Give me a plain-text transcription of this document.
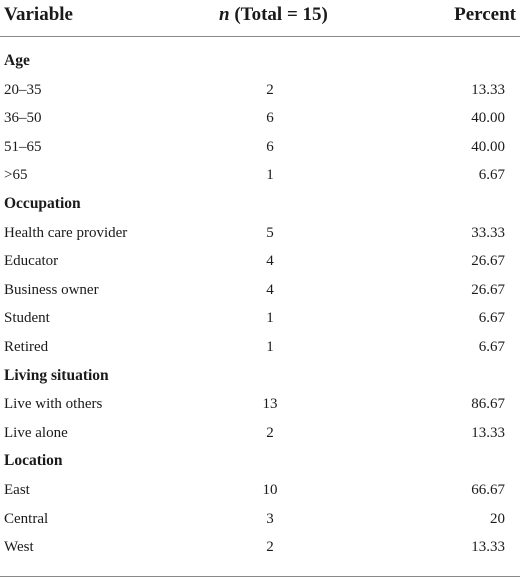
Variable	n (Total = 15)	Percent
Age
20–35	2	13.33
36–50	6	40.00
51–65	6	40.00
>65	1	6.67
Occupation
Health care provider	5	33.33
Educator	4	26.67
Business owner	4	26.67
Student	1	6.67
Retired	1	6.67
Living situation
Live with others	13	86.67
Live alone	2	13.33
Location
East	10	66.67
Central	3	20
West	2	13.33
